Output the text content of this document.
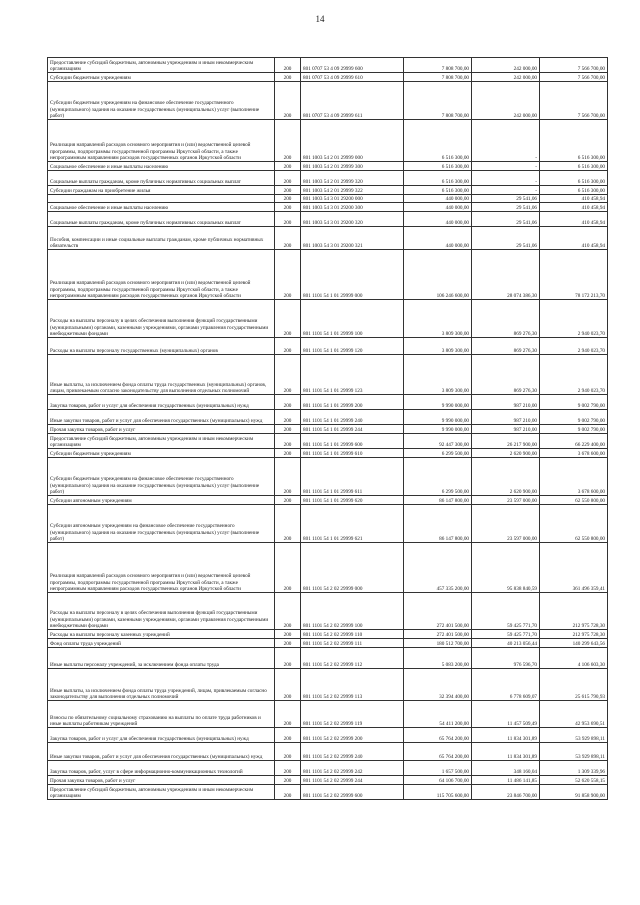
14
Предоставление субсидий бюджетным, автономным учреждениям и иным некоммерческим организациям	200	801 0707 53 4 09 29999 600	7 808 700,00	242 000,00	7 566 700,00
Субсидии бюджетным учреждениям	200	801 0707 53 4 09 29999 610	7 808 700,00	242 000,00	7 566 700,00
Субсидии бюджетным учреждениям на финансовое обеспечение государственного (муниципального) задания на оказание государственных (муниципальных) услуг (выполнение работ)	200	801 0707 53 4 09 29999 611	7 808 700,00	242 000,00	7 566 700,00
Реализация направлений расходов основного мероприятия и (или) ведомственной целевой программы, подпрограммы государственной программы Иркутской области, а также непрограммным направлениям расходов государственных органов Иркутской области	200	801 1003 54 2 01 29999 000	6 516 300,00	-	6 516 300,00
Социальное обеспечение и иные выплаты населению	200	801 1003 54 2 01 29999 300	6 516 300,00	-	6 516 300,00
Социальные выплаты гражданам, кроме публичных нормативных социальных выплат	200	801 1003 54 2 01 29999 320	6 516 300,00	-	6 516 300,00
Субсидии гражданам на приобретение жилья	200	801 1003 54 2 01 29999 322	6 516 300,00	-	6 516 300,00
	200	801 1003 54 3 01 29200 000	440 000,00	29 541,06	410 458,94
Социальное обеспечение и иные выплаты населению	200	801 1003 54 3 01 29200 300	440 000,00	29 541,06	410 458,94
Социальные выплаты гражданам, кроме публичных нормативных социальных выплат	200	801 1003 54 3 01 29200 320	440 000,00	29 541,06	410 458,94
Пособия, компенсации и иные социальные выплаты гражданам, кроме публичных нормативных обязательств	200	801 1003 54 3 01 29200 321	440 000,00	29 541,06	410 458,94
Реализация направлений расходов основного мероприятия и (или) ведомственной целевой программы, подпрограммы государственной программы Иркутской области, а также непрограммным направлениям расходов государственных органов Иркутской области	200	801 1101 54 1 01 29999 000	106 246 600,00	28 074 386,30	78 172 213,70
Расходы на выплаты персоналу в целях обеспечения выполнения функций государственными (муниципальными) органами, казенными учреждениями, органами управления государственными внебюджетными фондами	200	801 1101 54 1 01 29999 100	3 809 300,00	869 276,30	2 940 023,70
Расходы на выплаты персоналу государственных (муниципальных) органов	200	801 1101 54 1 01 29999 120	3 809 300,00	869 276,30	2 940 023,70
Иные выплаты, за исключением фонда оплаты труда государственных (муниципальных) органов, лицам, привлекаемым согласно законодательству для выполнения отдельных полномочий	200	801 1101 54 1 01 29999 123	3 809 300,00	869 276,30	2 940 023,70
Закупка товаров, работ и услуг для обеспечения государственных (муниципальных) нужд	200	801 1101 54 1 01 29999 200	9 990 000,00	987 210,00	9 002 790,00
Иные закупки товаров, работ и услуг для обеспечения государственных (муниципальных) нужд	200	801 1101 54 1 01 29999 240	9 990 000,00	987 210,00	9 002 790,00
Прочая закупка товаров, работ и услуг	200	801 1101 54 1 01 29999 244	9 990 000,00	987 210,00	9 002 790,00
Предоставление субсидий бюджетным, автономным учреждениям и иным некоммерческим организациям	200	801 1101 54 1 01 29999 600	92 447 300,00	26 217 900,00	66 229 400,00
Субсидии бюджетным учреждениям	200	801 1101 54 1 01 29999 610	6 299 500,00	2 620 900,00	3 678 600,00
Субсидии бюджетным учреждениям на финансовое обеспечение государственного (муниципального) задания на оказание государственных (муниципальных) услуг (выполнение работ)	200	801 1101 54 1 01 29999 611	6 299 500,00	2 620 900,00	3 678 600,00
Субсидии автономным учреждениям	200	801 1101 54 1 01 29999 620	86 147 800,00	23 597 000,00	62 550 800,00
Субсидии автономным учреждениям на финансовое обеспечение государственного (муниципального) задания на оказание государственных (муниципальных) услуг (выполнение работ)	200	801 1101 54 1 01 29999 621	86 147 800,00	23 597 000,00	62 550 800,00
Реализация направлений расходов основного мероприятия и (или) ведомственной целевой программы, подпрограммы государственной программы Иркутской области, а также непрограммным направлениям расходов государственных органов Иркутской области	200	801 1101 54 2 02 29999 000	457 335 200,00	95 838 840,59	361 496 359,41
Расходы на выплаты персоналу в целях обеспечения выполнения функций государственными (муниципальными) органами, казенными учреждениями, органами управления государственными внебюджетными фондами	200	801 1101 54 2 02 29999 100	272 401 500,00	59 425 771,70	212 975 728,30
Расходы на выплаты персоналу казенных учреждений	200	801 1101 54 2 02 29999 110	272 401 500,00	59 425 771,70	212 975 728,30
Фонд оплаты труда учреждений	200	801 1101 54 2 02 29999 111	180 512 700,00	40 213 056,44	140 299 643,56
Иные выплаты персоналу учреждений, за исключением фонда оплаты труда	200	801 1101 54 2 02 29999 112	5 083 200,00	976 596,70	4 106 603,30
Иные выплаты, за исключением фонда оплаты труда учреждений, лицам, привлекаемым согласно законодательству для выполнения отдельных полномочий	200	801 1101 54 2 02 29999 113	32 394 400,00	6 778 609,07	25 615 790,93
Взносы по обязательному социальному страхованию на выплаты по оплате труда работников и иные выплаты работникам учреждений	200	801 1101 54 2 02 29999 119	54 411 200,00	11 457 509,49	42 953 690,51
Закупка товаров, работ и услуг для обеспечения государственных (муниципальных) нужд	200	801 1101 54 2 02 29999 200	65 764 200,00	11 834 301,89	53 929 898,11
Иные закупки товаров, работ и услуг для обеспечения государственных (муниципальных) нужд	200	801 1101 54 2 02 29999 240	65 764 200,00	11 834 301,89	53 929 898,11
Закупка товаров, работ, услуг в сфере информационно-коммуникационных технологий	200	801 1101 54 2 02 29999 242	1 657 500,00	348 160,04	1 309 339,96
Прочая закупка товаров, работ и услуг	200	801 1101 54 2 02 29999 244	64 106 700,00	11 486 141,85	52 620 558,15
Предоставление субсидий бюджетным, автономным учреждениям и иным некоммерческим организациям	200	801 1101 54 2 02 29999 600	115 705 600,00	23 846 700,00	91 858 900,00
